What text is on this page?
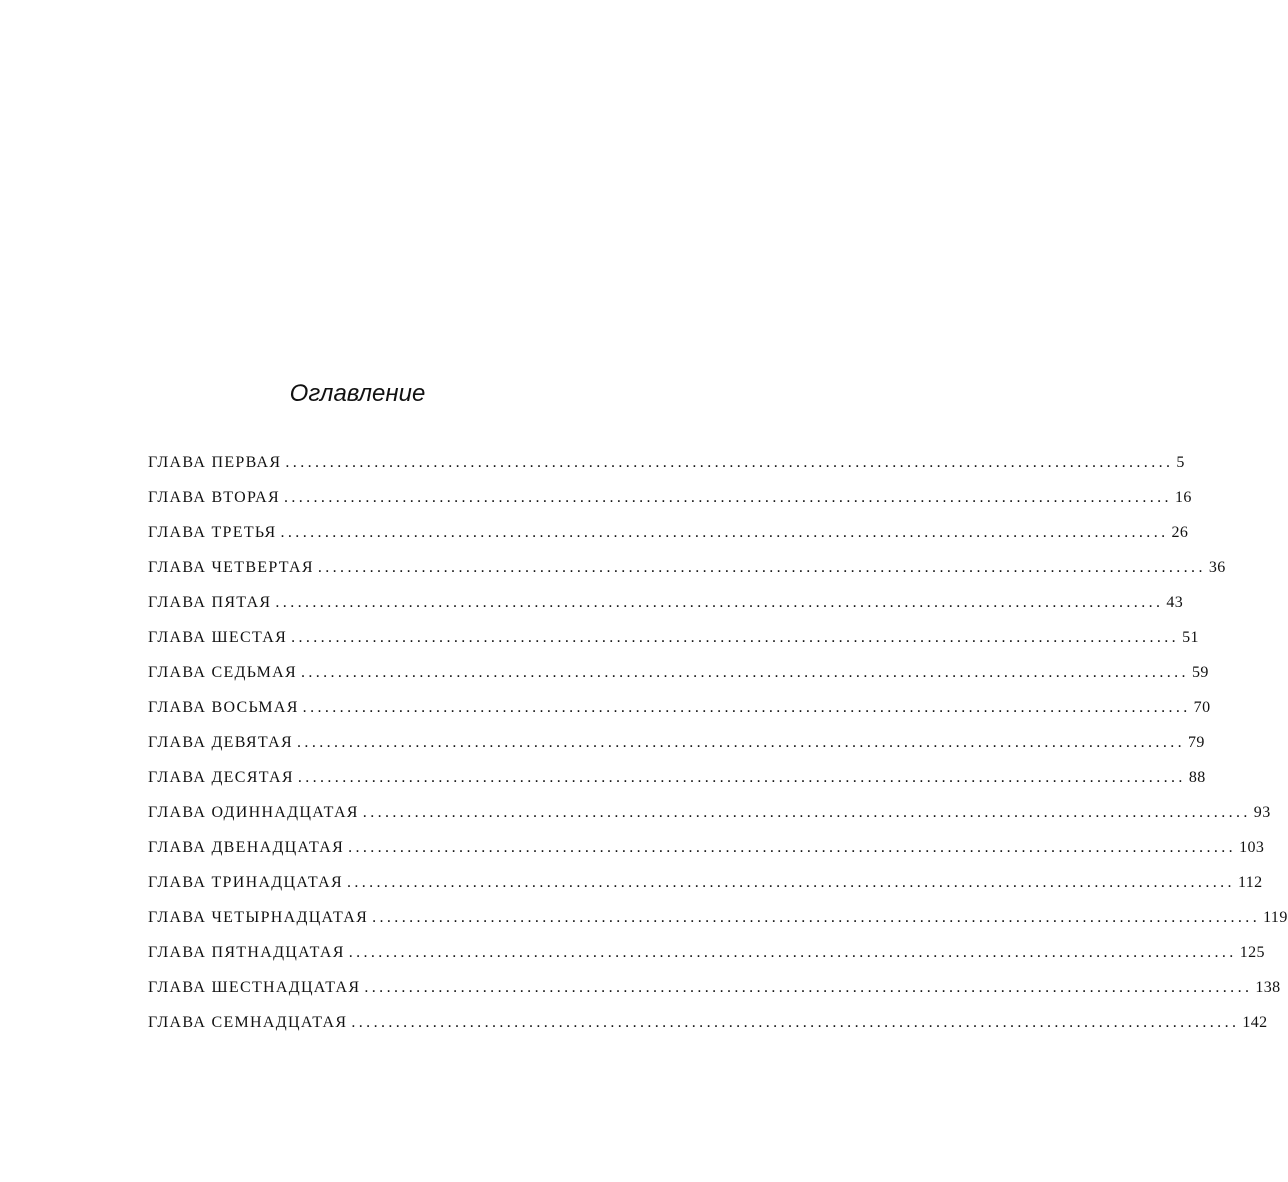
Оглавление
ГЛАВА ПЕРВАЯ ........................................................................................................................ 5
ГЛАВА ВТОРАЯ ........................................................................................................................ 16
ГЛАВА ТРЕТЬЯ ........................................................................................................................ 26
ГЛАВА ЧЕТВЕРТАЯ ........................................................................................................................ 36
ГЛАВА ПЯТАЯ ........................................................................................................................ 43
ГЛАВА ШЕСТАЯ ........................................................................................................................ 51
ГЛАВА СЕДЬМАЯ ........................................................................................................................ 59
ГЛАВА ВОСЬМАЯ ........................................................................................................................ 70
ГЛАВА ДЕВЯТАЯ ........................................................................................................................ 79
ГЛАВА ДЕСЯТАЯ ........................................................................................................................ 88
ГЛАВА ОДИННАДЦАТАЯ ........................................................................................................................ 93
ГЛАВА ДВЕНАДЦАТАЯ ........................................................................................................................ 103
ГЛАВА ТРИНАДЦАТАЯ ........................................................................................................................ 112
ГЛАВА ЧЕТЫРНАДЦАТАЯ ........................................................................................................................ 119
ГЛАВА ПЯТНАДЦАТАЯ ........................................................................................................................ 125
ГЛАВА ШЕСТНАДЦАТАЯ ........................................................................................................................ 138
ГЛАВА СЕМНАДЦАТАЯ ........................................................................................................................ 142
